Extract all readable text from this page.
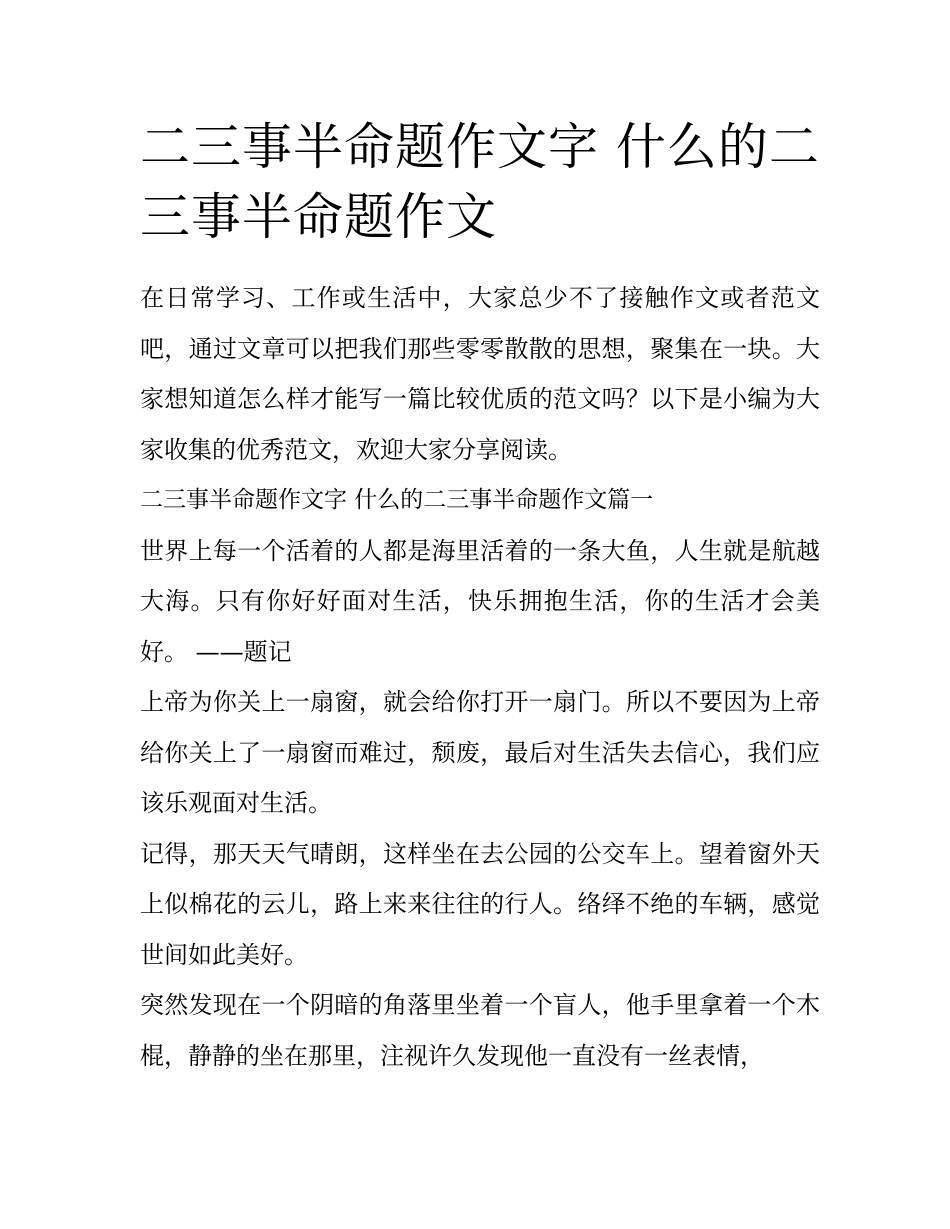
二三事半命题作文字 什么的二三事半命题作文

在日常学习、工作或生活中，大家总少不了接触作文或者范文吧，通过文章可以把我们那些零零散散的思想，聚集在一块。大家想知道怎么样才能写一篇比较优质的范文吗？以下是小编为大家收集的优秀范文，欢迎大家分享阅读。

二三事半命题作文字 什么的二三事半命题作文篇一

世界上每一个活着的人都是海里活着的一条大鱼，人生就是航越大海。只有你好好面对生活，快乐拥抱生活，你的生活才会美好。 ——题记

上帝为你关上一扇窗，就会给你打开一扇门。所以不要因为上帝给你关上了一扇窗而难过，颓废，最后对生活失去信心，我们应该乐观面对生活。

记得，那天天气晴朗，这样坐在去公园的公交车上。望着窗外天上似棉花的云儿，路上来来往往的行人。络绎不绝的车辆，感觉世间如此美好。

突然发现在一个阴暗的角落里坐着一个盲人，他手里拿着一个木棍，静静的坐在那里，注视许久发现他一直没有一丝表情，
